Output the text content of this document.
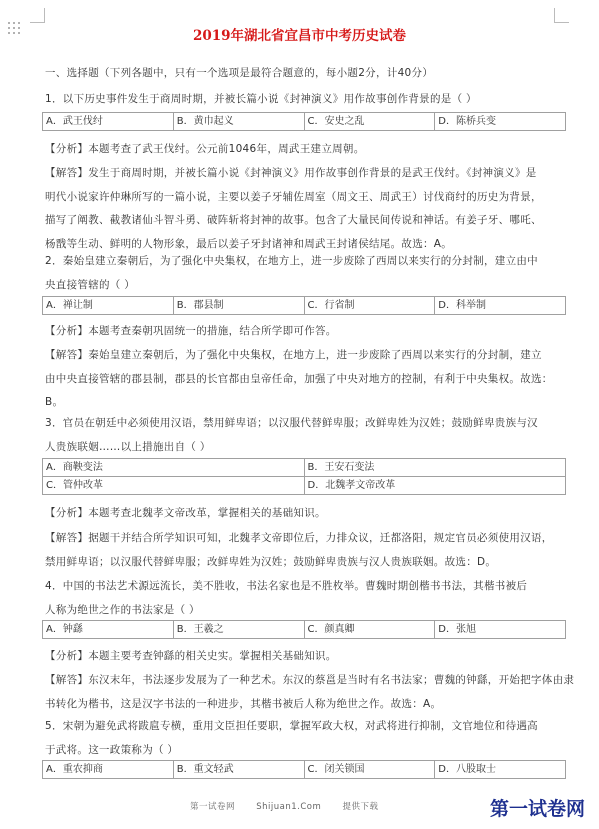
2019年湖北省宜昌市中考历史试卷
一、选择题（下列各题中，只有一个选项是最符合题意的，每小题2分，计40分）
1．以下历史事件发生于商周时期，并被长篇小说《封神演义》用作故事创作背景的是（ ）
A．武王伐纣	B．黄巾起义	C．安史之乱	D．陈桥兵变
【分析】本题考查了武王伐纣。公元前1046年，周武王建立周朝。
【解答】发生于商周时期，并被长篇小说《封神演义》用作故事创作背景的是武王伐纣。《封神演义》是
明代小说家许仲琳所写的一篇小说，主要以姜子牙辅佐周室（周文王、周武王）讨伐商纣的历史为背景，
描写了阐教、截教诸仙斗智斗勇、破阵斩将封神的故事。包含了大量民间传说和神话。有姜子牙、哪吒、
杨戬等生动、鲜明的人物形象，最后以姜子牙封诸神和周武王封诸侯结尾。故选：A。
2．秦始皇建立秦朝后，为了强化中央集权，在地方上，进一步废除了西周以来实行的分封制，建立由中
央直接管辖的（ ）
A．禅让制	B．郡县制	C．行省制	D．科举制
【分析】本题考查秦朝巩固统一的措施，结合所学即可作答。
【解答】秦始皇建立秦朝后，为了强化中央集权，在地方上，进一步废除了西周以来实行的分封制，建立
由中央直接管辖的郡县制，郡县的长官都由皇帝任命，加强了中央对地方的控制，有利于中央集权。故选：
B。
3．官员在朝廷中必须使用汉语，禁用鲜卑语；以汉服代替鲜卑服；改鲜卑姓为汉姓；鼓励鲜卑贵族与汉
人贵族联姻……以上措施出自（ ）
A．商鞅变法	B．王安石变法
C．管仲改革	D．北魏孝文帝改革
【分析】本题考查北魏孝文帝改革，掌握相关的基础知识。
【解答】据题干并结合所学知识可知，北魏孝文帝即位后，力排众议，迁都洛阳，规定官员必须使用汉语，
禁用鲜卑语；以汉服代替鲜卑服；改鲜卑姓为汉姓；鼓励鲜卑贵族与汉人贵族联姻。故选：D。
4．中国的书法艺术源远流长，美不胜收，书法名家也是不胜枚举。曹魏时期创楷书书法，其楷书被后
人称为绝世之作的书法家是（ ）
A．钟繇	B．王羲之	C．颜真卿	D．张旭
【分析】本题主要考查钟繇的相关史实。掌握相关基础知识。
【解答】东汉末年，书法逐步发展为了一种艺术。东汉的蔡邕是当时有名书法家；曹魏的钟繇，开始把字体由隶
书转化为楷书，这是汉字书法的一种进步，其楷书被后人称为绝世之作。故选：A。
5．宋朝为避免武将跋扈专横，重用文臣担任要职，掌握军政大权，对武将进行抑制，文官地位和待遇高
于武将。这一政策称为（ ）
A．重农抑商	B．重文轻武	C．闭关锁国	D．八股取士
第一试卷网 Shijuan1.Com 提供下载	第一试卷网
